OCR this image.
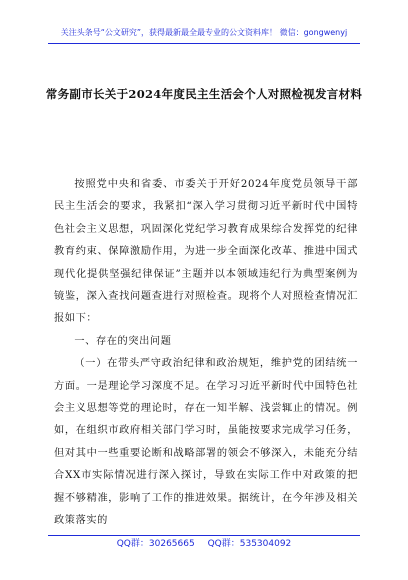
关注头条号“公文研究”，获得最新最全最专业的公文资料库！ 微信：gongwenyj
常务副市长关于2024年度民主生活会个人对照检视发言材料

按照党中央和省委、市委关于开好2024年度党员领导干部民主生活会的要求，我紧扣“深入学习贯彻习近平新时代中国特色社会主义思想，巩固深化党纪学习教育成果综合发挥党的纪律教育约束、保障激励作用，为进一步全面深化改革、推进中国式现代化提供坚强纪律保证”主题并以本领域违纪行为典型案例为镜鉴，深入查找问题查进行对照检查。现将个人对照检查情况汇报如下：

一、存在的突出问题

（一）在带头严守政治纪律和政治规矩，维护党的团结统一方面。一是理论学习深度不足。在学习习近平新时代中国特色社会主义思想等党的理论时，存在一知半解、浅尝辄止的情况。例如，在组织市政府相关部门学习时，虽能按要求完成学习任务，但对其中一些重要论断和战略部署的领会不够深入，未能充分结合XX市实际情况进行深入探讨，导致在实际工作中对政策的把握不够精准，影响了工作的推进效果。据统计，在今年涉及相关政策落实的

QQ群：30265665 QQ群：535304092
